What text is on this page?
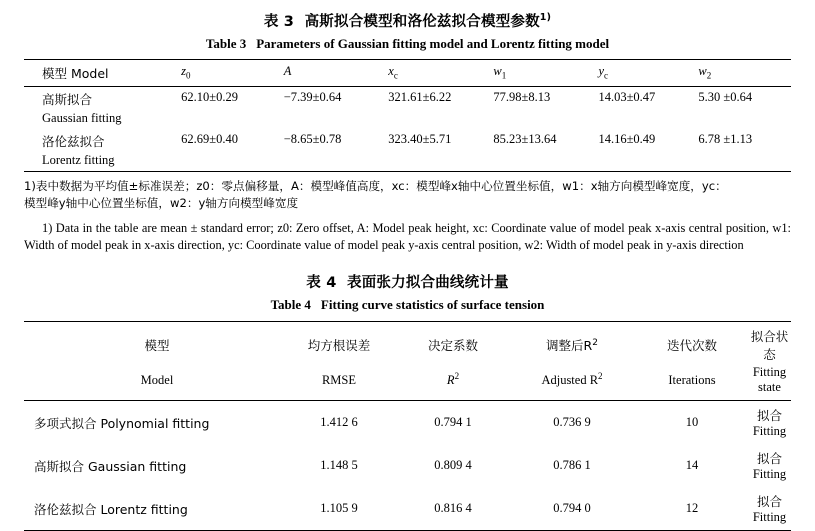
表 3 高斯拟合模型和洛伦兹拟合模型参数$^{1)}$
Table 3 Parameters of Gaussian fitting model and Lorentz fitting model
模型 Model	$z_0$	A	$x_c$	$w_1$	$y_c$	$w_2$
高斯拟合	62.10±0.29	−7.39±0.64	321.61±6.22	77.98±8.13	14.03±0.47	5.30 ±0.64
Gaussian fitting						
洛伦兹拟合	62.69±0.40	−8.65±0.78	323.40±5.71	85.23±13.64	14.16±0.49	6.78 ±1.13
Lorentz fitting						
1)表中数据为平均值±标准误差；z0：零点偏移量，A：模型峰值高度，xc：模型峰x轴中心位置坐标值，w1：x轴方向模型峰宽度，yc：
模型峰y轴中心位置坐标值，w2：y轴方向模型峰宽度
1) Data in the table are mean ± standard error; z0: Zero offset, A: Model peak height, xc: Coordinate value of model peak x-axis central position, w1: Width of model peak in x-axis direction, yc: Coordinate value of model peak y-axis central position, w2: Width of model peak in y-axis direction
表 4 表面张力拟合曲线统计量
Table 4 Fitting curve statistics of surface tension
模型	均方根误差	决定系数	调整后$R^2$	迭代次数	拟合状态
Model	RMSE	$R^2$	Adjusted $R^2$	Iterations	Fitting state
多项式拟合 Polynomial fitting	1.412 6	0.794 1	0.736 9	10	拟合 Fitting
高斯拟合 Gaussian fitting	1.148 5	0.809 4	0.786 1	14	拟合 Fitting
洛伦兹拟合 Lorentz fitting	1.105 9	0.816 4	0.794 0	12	拟合 Fitting
